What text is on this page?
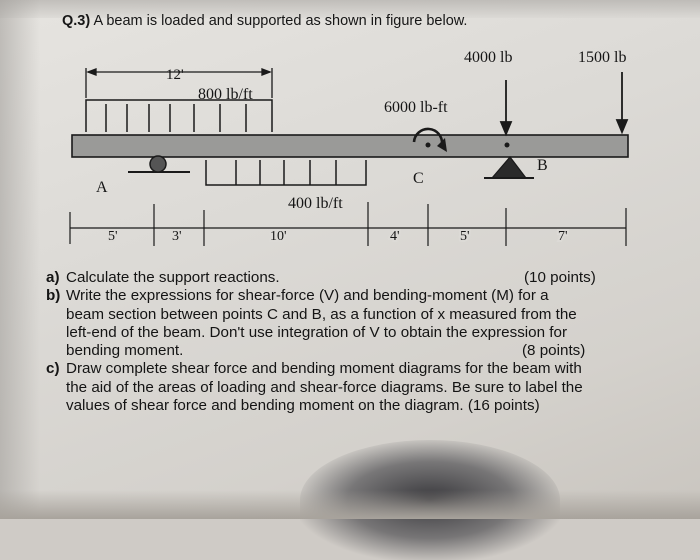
Q.3) A beam is loaded and supported as shown in figure below.
12'
800 lb/ft
4000 lb	1500 lb
6000 lb-ft
A
C
B
400 lb/ft
5'	3'	10'	4'	5'	7'
a) Calculate the support reactions.	(10 points)
b) Write the expressions for shear-force (V) and bending-moment (M) for a
beam section between points C and B, as a function of x measured from the
left-end of the beam. Don't use integration of V to obtain the expression for
bending moment.	(8 points)
c) Draw complete shear force and bending moment diagrams for the beam with
the aid of the areas of loading and shear-force diagrams. Be sure to label the
values of shear force and bending moment on the diagram. (16 points)
